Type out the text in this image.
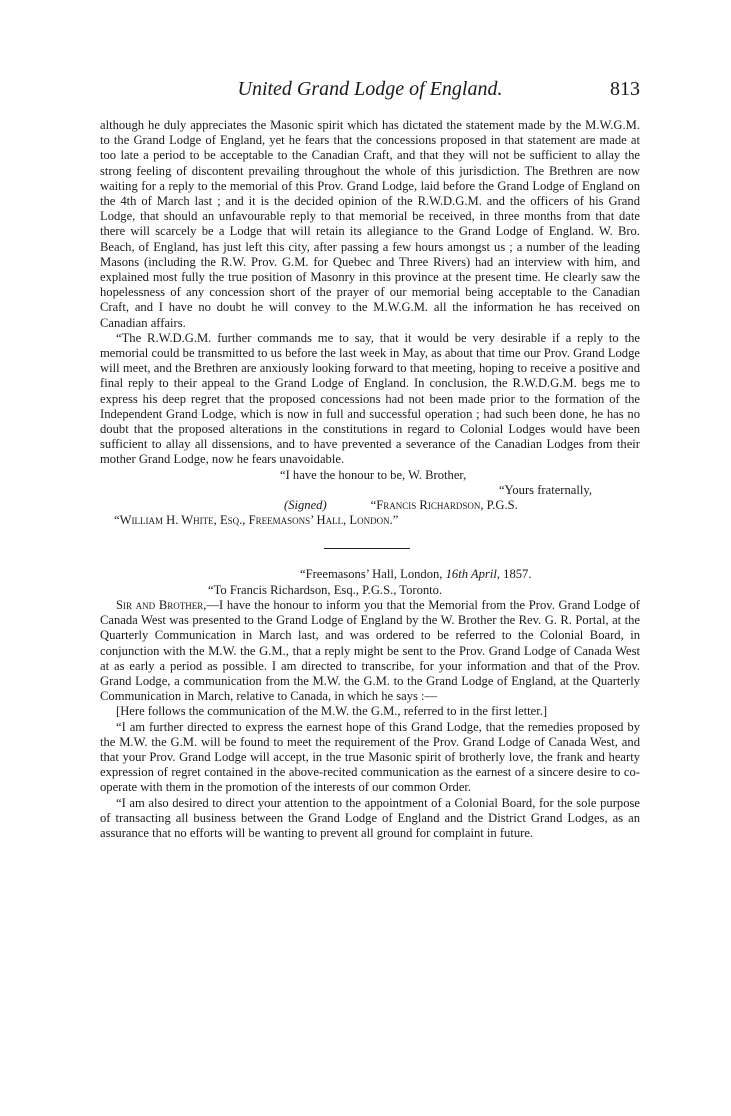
United Grand Lodge of England.	813

although he duly appreciates the Masonic spirit which has dictated the statement made by the M.W.G.M. to the Grand Lodge of England, yet he fears that the concessions proposed in that statement are made at too late a period to be acceptable to the Canadian Craft, and that they will not be sufficient to allay the strong feeling of discontent prevailing throughout the whole of this jurisdiction. The Brethren are now waiting for a reply to the memorial of this Prov. Grand Lodge, laid before the Grand Lodge of England on the 4th of March last ; and it is the decided opinion of the R.W.D.G.M. and the officers of his Grand Lodge, that should an unfavourable reply to that memorial be received, in three months from that date there will scarcely be a Lodge that will retain its allegiance to the Grand Lodge of England. W. Bro. Beach, of England, has just left this city, after passing a few hours amongst us ; a number of the leading Masons (including the R.W. Prov. G.M. for Quebec and Three Rivers) had an interview with him, and explained most fully the true position of Masonry in this province at the present time. He clearly saw the hopelessness of any concession short of the prayer of our memorial being acceptable to the Canadian Craft, and I have no doubt he will convey to the M.W.G.M. all the information he has received on Canadian affairs.

“The R.W.D.G.M. further commands me to say, that it would be very desirable if a reply to the memorial could be transmitted to us before the last week in May, as about that time our Prov. Grand Lodge will meet, and the Brethren are anxiously looking forward to that meeting, hoping to receive a positive and final reply to their appeal to the Grand Lodge of England. In conclusion, the R.W.D.G.M. begs me to express his deep regret that the proposed concessions had not been made prior to the formation of the Independent Grand Lodge, which is now in full and successful operation ; had such been done, he has no doubt that the proposed alterations in the constitutions in regard to Colonial Lodges would have been sufficient to allay all dissensions, and to have prevented a severance of the Canadian Lodges from their mother Grand Lodge, now he fears unavoidable.

“I have the honour to be, W. Brother,

“Yours fraternally,

(Signed)	“Francis Richardson, P.G.S.

“William H. White, Esq., Freemasons’ Hall, London.”

“Freemasons’ Hall, London, 16th April, 1857.

“To Francis Richardson, Esq., P.G.S., Toronto.

Sir and Brother,—I have the honour to inform you that the Memorial from the Prov. Grand Lodge of Canada West was presented to the Grand Lodge of England by the W. Brother the Rev. G. R. Portal, at the Quarterly Communication in March last, and was ordered to be referred to the Colonial Board, in conjunction with the M.W. the G.M., that a reply might be sent to the Prov. Grand Lodge of Canada West at as early a period as possible. I am directed to transcribe, for your information and that of the Prov. Grand Lodge, a communication from the M.W. the G.M. to the Grand Lodge of England, at the Quarterly Communication in March, relative to Canada, in which he says :—

[Here follows the communication of the M.W. the G.M., referred to in the first letter.]

“I am further directed to express the earnest hope of this Grand Lodge, that the remedies proposed by the M.W. the G.M. will be found to meet the requirement of the Prov. Grand Lodge of Canada West, and that your Prov. Grand Lodge will accept, in the true Masonic spirit of brotherly love, the frank and hearty expression of regret contained in the above-recited communication as the earnest of a sincere desire to co-operate with them in the promotion of the interests of our common Order.

“I am also desired to direct your attention to the appointment of a Colonial Board, for the sole purpose of transacting all business between the Grand Lodge of England and the District Grand Lodges, as an assurance that no efforts will be wanting to prevent all ground for complaint in future.
